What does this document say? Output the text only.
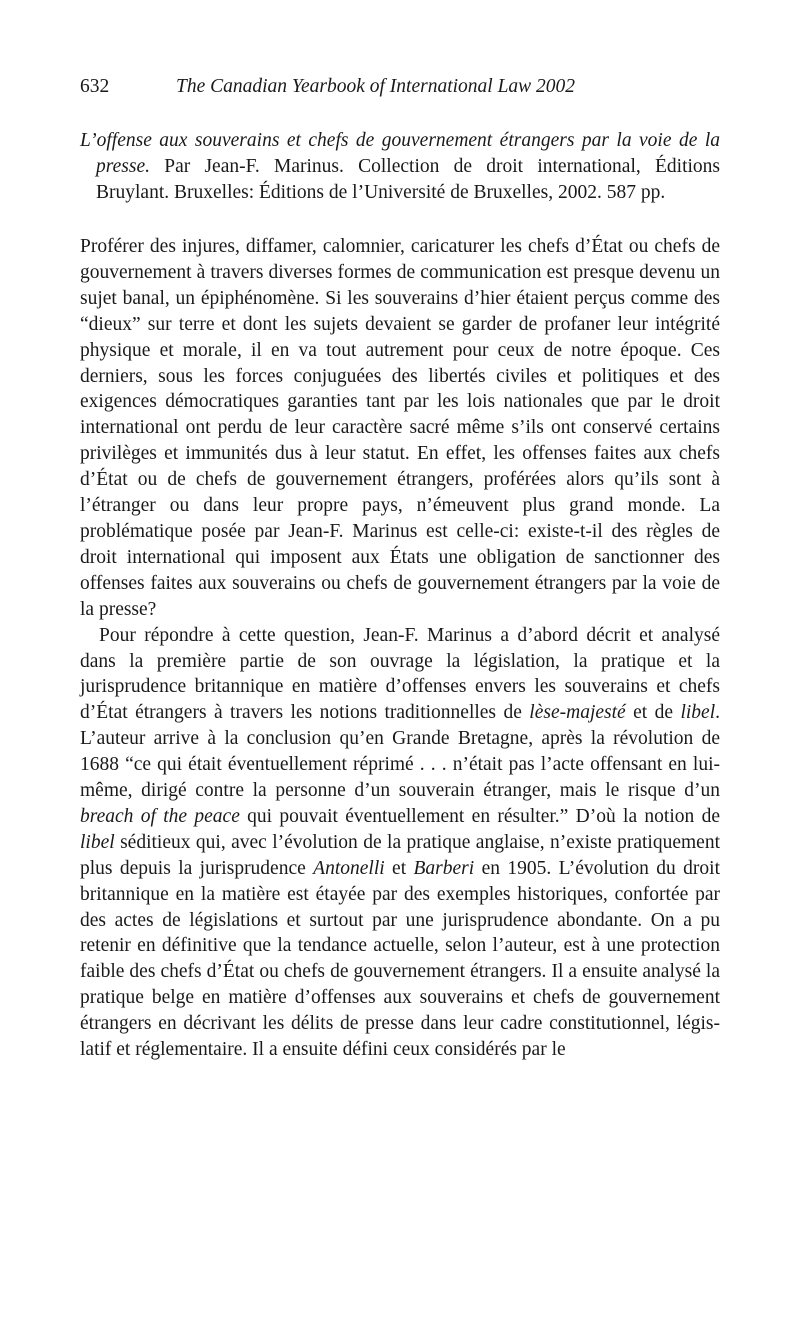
632	The Canadian Yearbook of International Law 2002

L’offense aux souverains et chefs de gouvernement étrangers par la voie de la presse. Par Jean-F. Marinus. Collection de droit international, Éditions Bruylant. Bruxelles: Éditions de l’Université de Bruxelles, 2002. 587 pp.

Proférer des injures, diffamer, calomnier, caricaturer les chefs d’État ou chefs de gouvernement à travers diverses formes de communication est presque devenu un sujet banal, un épiphénomène. Si les souverains d’hier étaient perçus comme des “dieux” sur terre et dont les sujets devaient se garder de profaner leur intégrité physique et morale, il en va tout autrement pour ceux de notre époque. Ces derniers, sous les forces conjuguées des libertés civiles et politiques et des exigences démocratiques garanties tant par les lois nationales que par le droit international ont perdu de leur caractère sacré même s’ils ont conservé certains privilèges et immunités dus à leur statut. En effet, les offenses faites aux chefs d’État ou de chefs de gouvernement étrangers, proférées alors qu’ils sont à l’étranger ou dans leur propre pays, n’émeuvent plus grand monde. La problématique posée par Jean-F. Marinus est celle-ci: existe-t-il des règles de droit international qui imposent aux États une obligation de sanctionner des offenses faites aux souverains ou chefs de gouvernement étrangers par la voie de la presse?

Pour répondre à cette question, Jean-F. Marinus a d’abord décrit et analysé dans la première partie de son ouvrage la législation, la pratique et la jurisprudence britannique en matière d’offenses envers les souverains et chefs d’État étrangers à travers les notions traditionnelles de lèse-majesté et de libel. L’auteur arrive à la conclusion qu’en Grande Bretagne, après la révolution de 1688 “ce qui était éventuellement réprimé . . . n’était pas l’acte offensant en lui-même, dirigé contre la personne d’un souverain étranger, mais le risque d’un breach of the peace qui pouvait éventuellement en résulter.” D’où la notion de libel séditieux qui, avec l’évolution de la pratique anglaise, n’existe pratiquement plus depuis la jurisprudence Antonelli et Barberi en 1905. L’évolution du droit britannique en la matière est étayée par des exemples historiques, confortée par des actes de législations et surtout par une jurisprudence abondante. On a pu retenir en définitive que la tendance actuelle, selon l’auteur, est à une protection faible des chefs d’État ou chefs de gouvernement étrangers. Il a ensuite analysé la pratique belge en matière d’offenses aux souverains et chefs de gouvernement étrangers en décrivant les délits de presse dans leur cadre constitutionnel, législatif et réglementaire. Il a ensuite défini ceux considérés par le
